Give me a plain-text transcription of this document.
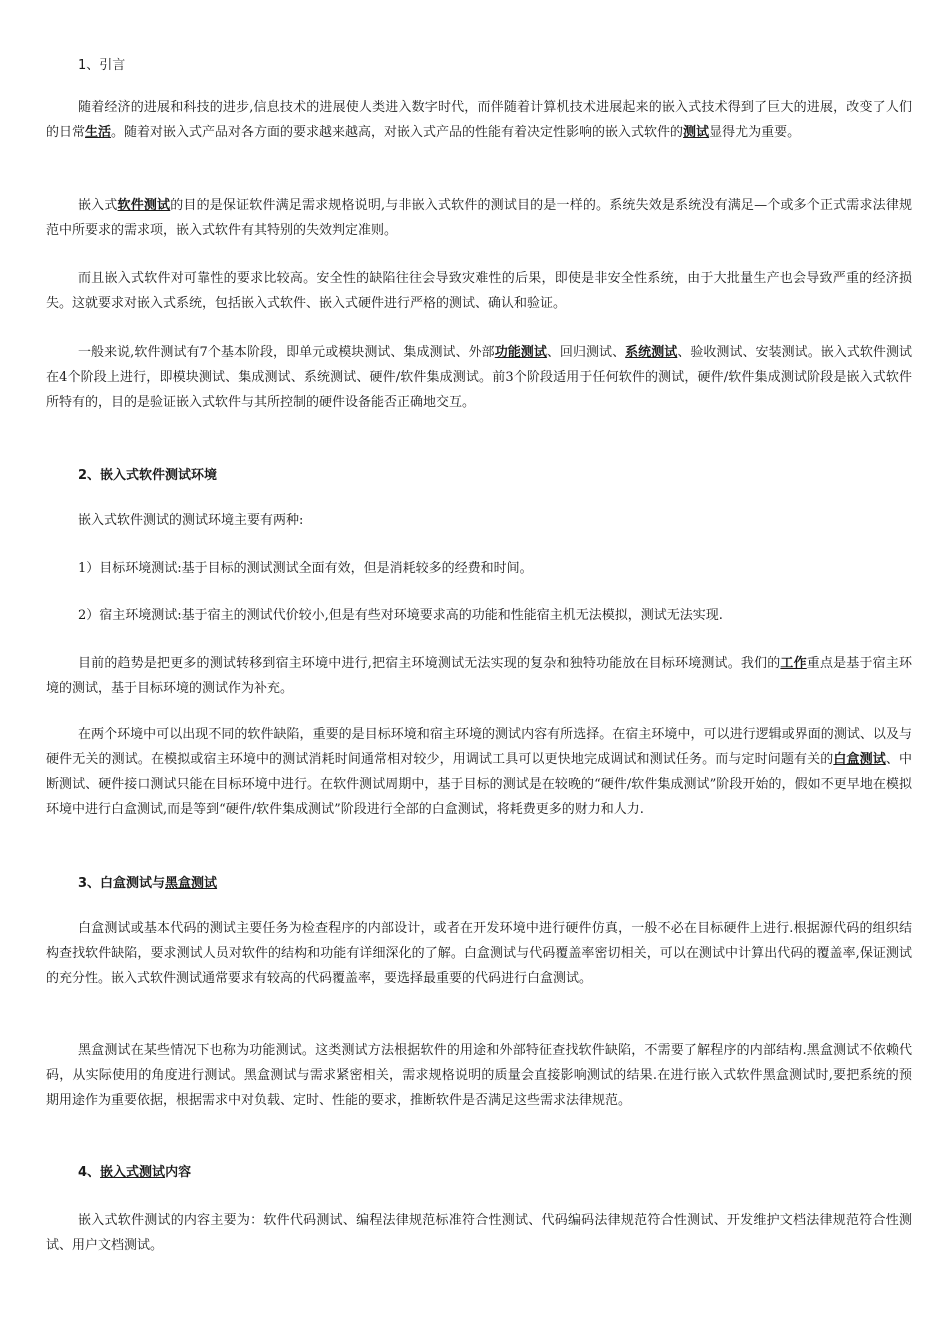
1、引言

随着经济的进展和科技的进步,信息技术的进展使人类进入数字时代，而伴随着计算机技术进展起来的嵌入式技术得到了巨大的进展，改变了人们的日常生活。随着对嵌入式产品对各方面的要求越来越高，对嵌入式产品的性能有着决定性影响的嵌入式软件的测试显得尤为重要。

嵌入式软件测试的目的是保证软件满足需求规格说明,与非嵌入式软件的测试目的是一样的。系统失效是系统没有满足—个或多个正式需求法律规范中所要求的需求项，嵌入式软件有其特别的失效判定准则。

而且嵌入式软件对可靠性的要求比较高。安全性的缺陷往往会导致灾难性的后果，即使是非安全性系统，由于大批量生产也会导致严重的经济损失。这就要求对嵌入式系统，包括嵌入式软件、嵌入式硬件进行严格的测试、确认和验证。

一般来说,软件测试有7个基本阶段，即单元或模块测试、集成测试、外部功能测试、回归测试、系统测试、验收测试、安装测试。嵌入式软件测试在4个阶段上进行，即模块测试、集成测试、系统测试、硬件/软件集成测试。前3个阶段适用于任何软件的测试，硬件/软件集成测试阶段是嵌入式软件所特有的，目的是验证嵌入式软件与其所控制的硬件设备能否正确地交互。

2、嵌入式软件测试环境

嵌入式软件测试的测试环境主要有两种:

1）目标环境测试:基于目标的测试测试全面有效，但是消耗较多的经费和时间。

2）宿主环境测试:基于宿主的测试代价较小,但是有些对环境要求高的功能和性能宿主机无法模拟，测试无法实现.

目前的趋势是把更多的测试转移到宿主环境中进行,把宿主环境测试无法实现的复杂和独特功能放在目标环境测试。我们的工作重点是基于宿主环境的测试，基于目标环境的测试作为补充。

在两个环境中可以出现不同的软件缺陷，重要的是目标环境和宿主环境的测试内容有所选择。在宿主环境中，可以进行逻辑或界面的测试、以及与硬件无关的测试。在模拟或宿主环境中的测试消耗时间通常相对较少，用调试工具可以更快地完成调试和测试任务。而与定时问题有关的白盒测试、中断测试、硬件接口测试只能在目标环境中进行。在软件测试周期中，基于目标的测试是在较晚的“硬件/软件集成测试”阶段开始的，假如不更早地在模拟环境中进行白盒测试,而是等到“硬件/软件集成测试”阶段进行全部的白盒测试，将耗费更多的财力和人力.

3、白盒测试与黑盒测试

白盒测试或基本代码的测试主要任务为检查程序的内部设计，或者在开发环境中进行硬件仿真，一般不必在目标硬件上进行.根据源代码的组织结构查找软件缺陷，要求测试人员对软件的结构和功能有详细深化的了解。白盒测试与代码覆盖率密切相关，可以在测试中计算出代码的覆盖率,保证测试的充分性。嵌入式软件测试通常要求有较高的代码覆盖率，要选择最重要的代码进行白盒测试。

黑盒测试在某些情况下也称为功能测试。这类测试方法根据软件的用途和外部特征查找软件缺陷，不需要了解程序的内部结构.黑盒测试不依赖代码，从实际使用的角度进行测试。黑盒测试与需求紧密相关，需求规格说明的质量会直接影响测试的结果.在进行嵌入式软件黑盒测试时,要把系统的预期用途作为重要依据，根据需求中对负载、定时、性能的要求，推断软件是否满足这些需求法律规范。

4、嵌入式测试内容

嵌入式软件测试的内容主要为：软件代码测试、编程法律规范标准符合性测试、代码编码法律规范符合性测试、开发维护文档法律规范符合性测试、用户文档测试。
